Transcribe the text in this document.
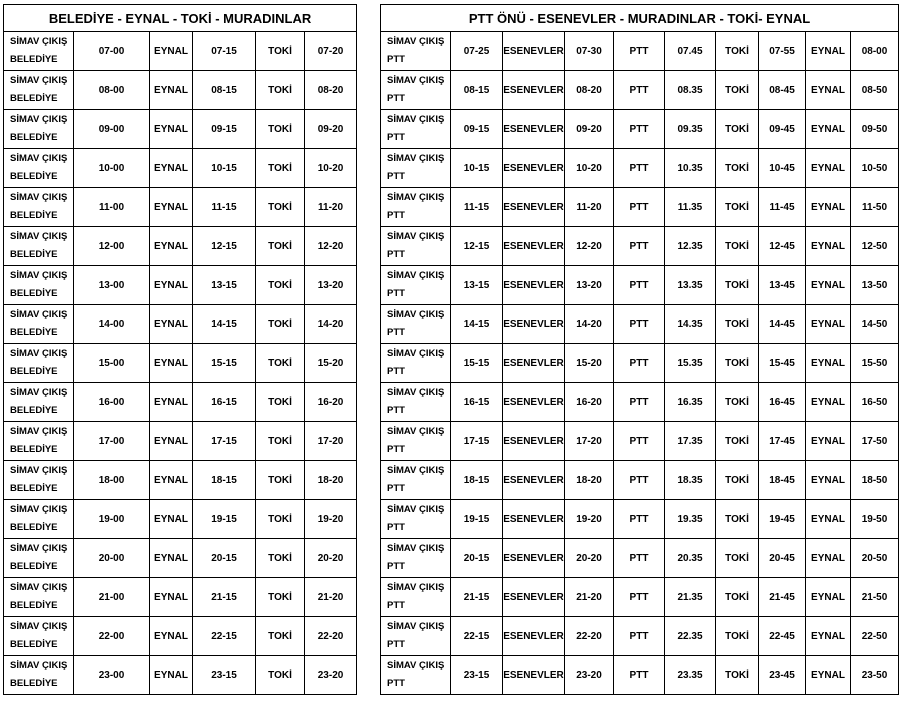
BELEDİYE - EYNAL - TOKİ - MURADINLAR					

SİMAV ÇIKIŞ
BELEDİYE	07-00	EYNAL	07-15	TOKİ	07-20

SİMAV ÇIKIŞ
BELEDİYE	08-00	EYNAL	08-15	TOKİ	08-20

SİMAV ÇIKIŞ
BELEDİYE	09-00	EYNAL	09-15	TOKİ	09-20

SİMAV ÇIKIŞ
BELEDİYE	10-00	EYNAL	10-15	TOKİ	10-20

SİMAV ÇIKIŞ
BELEDİYE	11-00	EYNAL	11-15	TOKİ	11-20

SİMAV ÇIKIŞ
BELEDİYE	12-00	EYNAL	12-15	TOKİ	12-20

SİMAV ÇIKIŞ
BELEDİYE	13-00	EYNAL	13-15	TOKİ	13-20

SİMAV ÇIKIŞ
BELEDİYE	14-00	EYNAL	14-15	TOKİ	14-20

SİMAV ÇIKIŞ
BELEDİYE	15-00	EYNAL	15-15	TOKİ	15-20

SİMAV ÇIKIŞ
BELEDİYE	16-00	EYNAL	16-15	TOKİ	16-20

SİMAV ÇIKIŞ
BELEDİYE	17-00	EYNAL	17-15	TOKİ	17-20

SİMAV ÇIKIŞ
BELEDİYE	18-00	EYNAL	18-15	TOKİ	18-20

SİMAV ÇIKIŞ
BELEDİYE	19-00	EYNAL	19-15	TOKİ	19-20

SİMAV ÇIKIŞ
BELEDİYE	20-00	EYNAL	20-15	TOKİ	20-20

SİMAV ÇIKIŞ
BELEDİYE	21-00	EYNAL	21-15	TOKİ	21-20

SİMAV ÇIKIŞ
BELEDİYE	22-00	EYNAL	22-15	TOKİ	22-20

SİMAV ÇIKIŞ
BELEDİYE	23-00	EYNAL	23-15	TOKİ	23-20
PTT ÖNÜ - ESENEVLER - MURADINLAR - TOKİ- EYNAL									

SİMAV ÇIKIŞ
PTT	07-25	ESENEVLER	07-30	PTT	07.45	TOKİ	07-55	EYNAL	08-00

SİMAV ÇIKIŞ
PTT	08-15	ESENEVLER	08-20	PTT	08.35	TOKİ	08-45	EYNAL	08-50

SİMAV ÇIKIŞ
PTT	09-15	ESENEVLER	09-20	PTT	09.35	TOKİ	09-45	EYNAL	09-50

SİMAV ÇIKIŞ
PTT	10-15	ESENEVLER	10-20	PTT	10.35	TOKİ	10-45	EYNAL	10-50

SİMAV ÇIKIŞ
PTT	11-15	ESENEVLER	11-20	PTT	11.35	TOKİ	11-45	EYNAL	11-50

SİMAV ÇIKIŞ
PTT	12-15	ESENEVLER	12-20	PTT	12.35	TOKİ	12-45	EYNAL	12-50

SİMAV ÇIKIŞ
PTT	13-15	ESENEVLER	13-20	PTT	13.35	TOKİ	13-45	EYNAL	13-50

SİMAV ÇIKIŞ
PTT	14-15	ESENEVLER	14-20	PTT	14.35	TOKİ	14-45	EYNAL	14-50

SİMAV ÇIKIŞ
PTT	15-15	ESENEVLER	15-20	PTT	15.35	TOKİ	15-45	EYNAL	15-50

SİMAV ÇIKIŞ
PTT	16-15	ESENEVLER	16-20	PTT	16.35	TOKİ	16-45	EYNAL	16-50

SİMAV ÇIKIŞ
PTT	17-15	ESENEVLER	17-20	PTT	17.35	TOKİ	17-45	EYNAL	17-50

SİMAV ÇIKIŞ
PTT	18-15	ESENEVLER	18-20	PTT	18.35	TOKİ	18-45	EYNAL	18-50

SİMAV ÇIKIŞ
PTT	19-15	ESENEVLER	19-20	PTT	19.35	TOKİ	19-45	EYNAL	19-50

SİMAV ÇIKIŞ
PTT	20-15	ESENEVLER	20-20	PTT	20.35	TOKİ	20-45	EYNAL	20-50

SİMAV ÇIKIŞ
PTT	21-15	ESENEVLER	21-20	PTT	21.35	TOKİ	21-45	EYNAL	21-50

SİMAV ÇIKIŞ
PTT	22-15	ESENEVLER	22-20	PTT	22.35	TOKİ	22-45	EYNAL	22-50

SİMAV ÇIKIŞ
PTT	23-15	ESENEVLER	23-20	PTT	23.35	TOKİ	23-45	EYNAL	23-50
